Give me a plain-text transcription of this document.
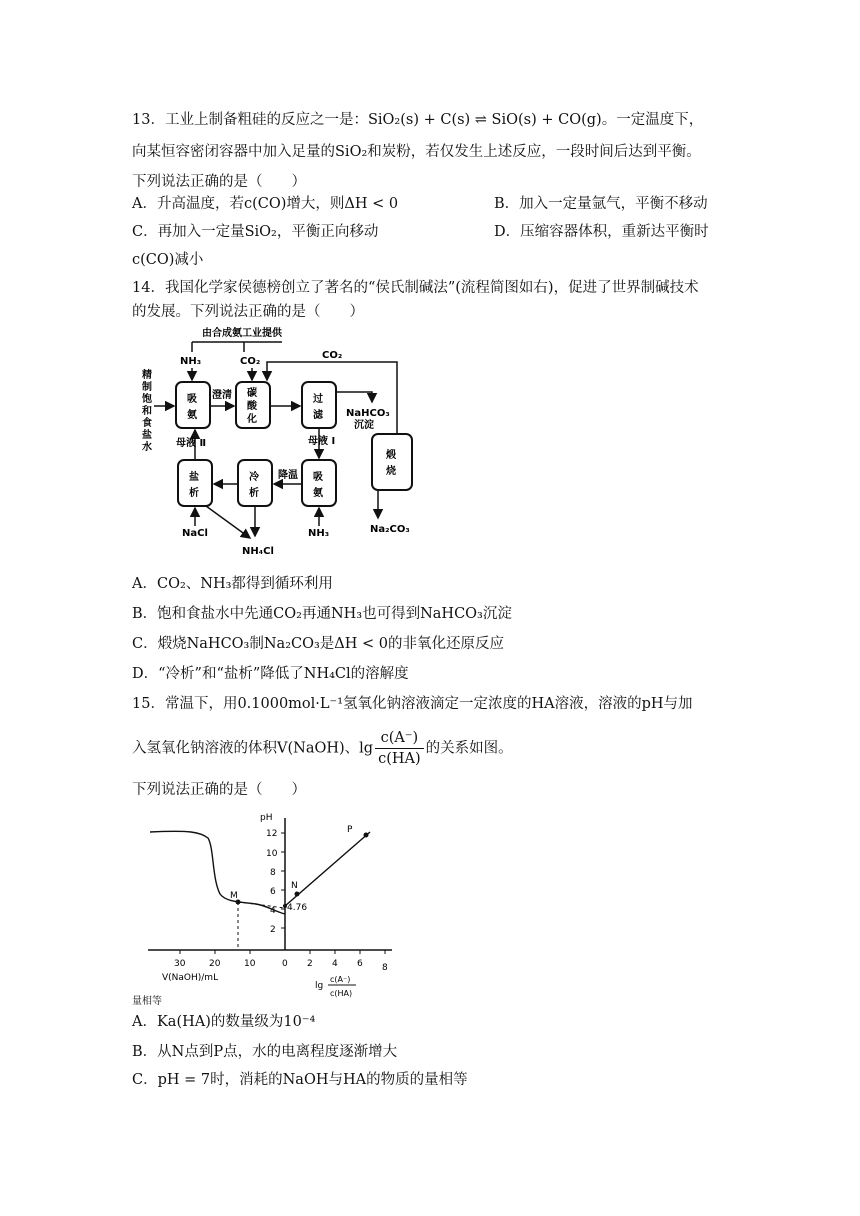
13．工业上制备粗硅的反应之一是：SiO₂(s) + C(s) ⇌ SiO(s) + CO(g)。一定温度下，
向某恒容密闭容器中加入足量的SiO₂和炭粉，若仅发生上述反应，一段时间后达到平衡。
下列说法正确的是（　　）
A．升高温度，若c(CO)增大，则ΔH < 0	B．加入一定量氩气，平衡不移动
C．再加入一定量SiO₂，平衡正向移动	D．压缩容器体积，重新达平衡时
c(CO)减小
14．我国化学家侯德榜创立了著名的“侯氏制碱法”(流程简图如右)，促进了世界制碱技术
的发展。下列说法正确的是（　　）
由合成氨工业提供
NH₃	CO₂
CO₂
精
制
饱
和
食
盐
水
吸
氨
澄清 碳
酸
化
过
滤 NaHCO₃
沉淀
煅
烧
Na₂CO₃
母液 Ⅰ
吸
氨
NH₃
降温
冷
析
盐
析
母液 Ⅱ
NaCl
NH₄Cl
A．CO₂、NH₃都得到循环利用
B．饱和食盐水中先通CO₂再通NH₃也可得到NaHCO₃沉淀
C．煅烧NaHCO₃制Na₂CO₃是ΔH < 0的非氧化还原反应
D．“冷析”和“盐析”降低了NH₄Cl的溶解度
15．常温下，用0.1000mol·L⁻¹氢氧化钠溶液滴定一定浓度的HA溶液，溶液的pH与加
入氢氧化钠溶液的体积V(NaOH)、$\lg \frac{c(A^-)}{c(HA)}$ 的关系如图。
下列说法正确的是（　　）
pH
12
10
8
6
4
2
30	20	10	0 2 4 6 8
V(NaOH)/mL
lg
c(A⁻)
c(HA)
M
N
P
4.76
量相等
A．Ka(HA)的数量级为10⁻⁴
B．从N点到P点，水的电离程度逐渐增大
C．pH = 7时，消耗的NaOH与HA的物质的量相等
